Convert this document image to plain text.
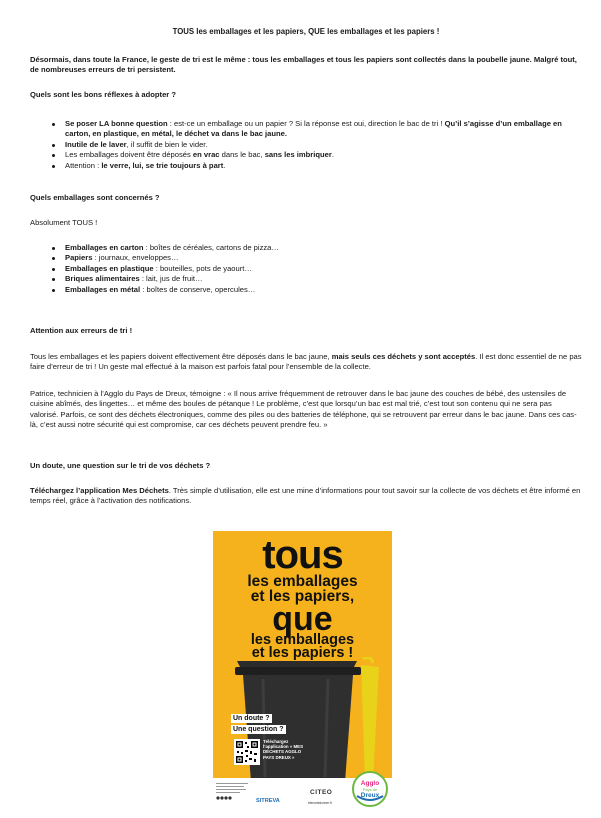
TOUS les emballages et les papiers, QUE les emballages et les papiers !

Désormais, dans toute la France, le geste de tri est le même : tous les emballages et tous les papiers sont collectés dans la poubelle jaune. Malgré tout, de nombreuses erreurs de tri persistent.

Quels sont les bons réflexes à adopter ?

Se poser LA bonne question : est-ce un emballage ou un papier ? Si la réponse est oui, direction le bac de tri ! Qu’il s’agisse d’un emballage en carton, en plastique, en métal, le déchet va dans le bac jaune.
Inutile de le laver, il suffit de bien le vider.
Les emballages doivent être déposés en vrac dans le bac, sans les imbriquer.
Attention : le verre, lui, se trie toujours à part.

Quels emballages sont concernés ?

Absolument TOUS !

Emballages en carton : boîtes de céréales, cartons de pizza…
Papiers : journaux, enveloppes…
Emballages en plastique : bouteilles, pots de yaourt…
Briques alimentaires : lait, jus de fruit…
Emballages en métal : boîtes de conserve, opercules…

Attention aux erreurs de tri !

Tous les emballages et les papiers doivent effectivement être déposés dans le bac jaune, mais seuls ces déchets y sont acceptés. Il est donc essentiel de ne pas faire d’erreur de tri ! Un geste mal effectué à la maison est parfois fatal pour l’ensemble de la collecte.

Patrice, technicien à l’Agglo du Pays de Dreux, témoigne : « Il nous arrive fréquemment de retrouver dans le bac jaune des couches de bébé, des ustensiles de cuisine abîmés, des lingettes… et même des boules de pétanque ! Le problème, c’est que lorsqu’un bac est mal trié, c’est tout son contenu qui ne sera pas valorisé. Parfois, ce sont des déchets électroniques, comme des piles ou des batteries de téléphone, qui se retrouvent par erreur dans le bac jaune. Dans ces cas-là, c’est aussi notre sécurité qui est compromise, car ces déchets peuvent prendre feu. »

Un doute, une question sur le tri de vos déchets ?

Téléchargez l’application Mes Déchets. Très simple d’utilisation, elle est une mine d’informations pour tout savoir sur la collecte de vos déchets et être informé en temps réel, grâce à l’activation des notifications.

tous
les emballages
et les papiers,
que
les emballages
et les papiers !
Un doute ?
Une question ?
Téléchargez l’application « MES DÉCHETS AGGLO PAYS DREUX »
SITREVA
CITEO
triercestdonner.fr
Agglo
Pays de
Dreux
